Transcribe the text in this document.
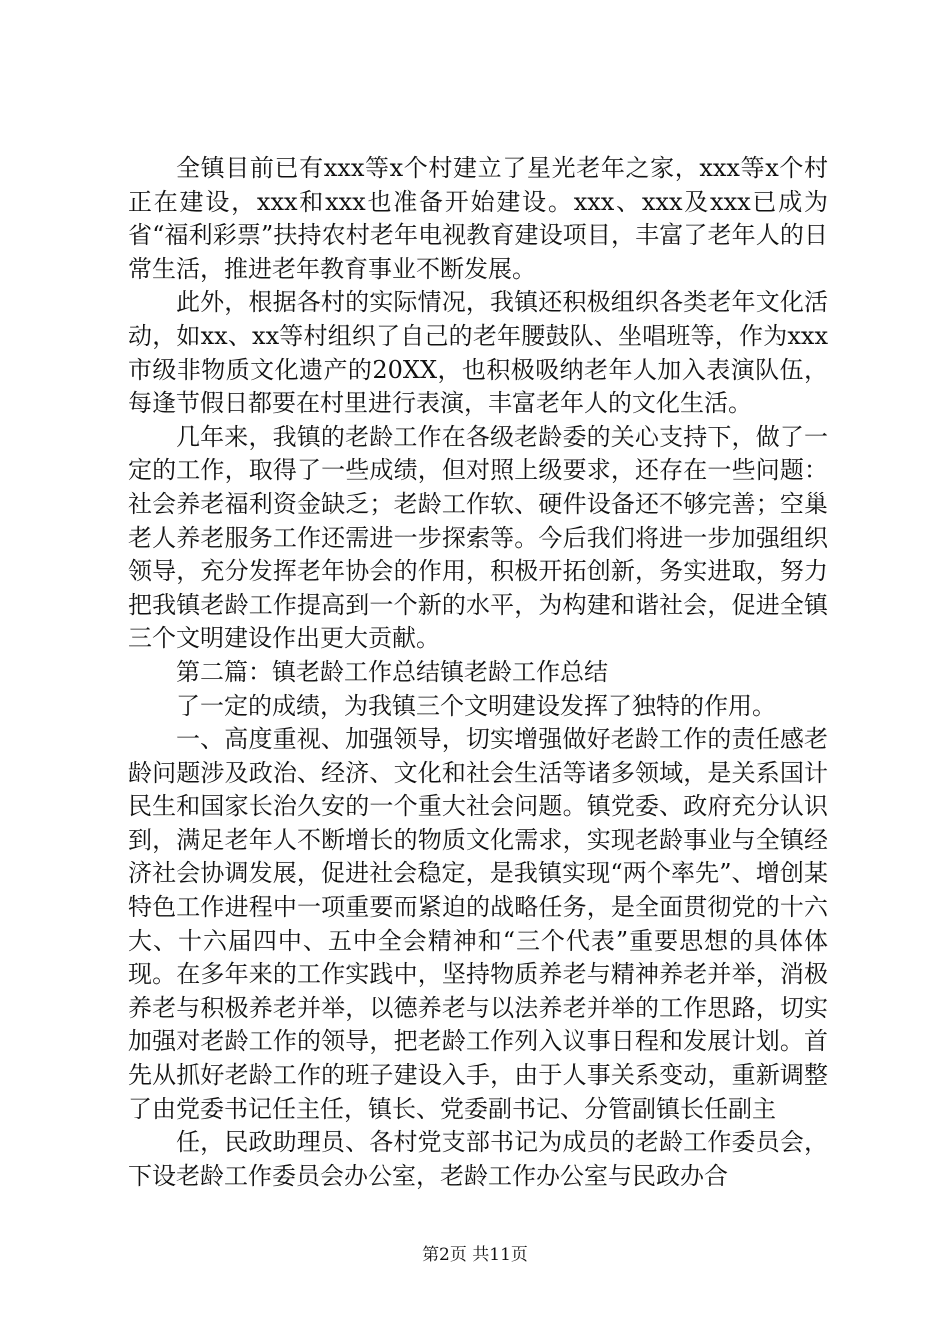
全镇目前已有xxx等x个村建立了星光老年之家，xxx等x个村正在建设，xxx和xxx也准备开始建设。xxx、xxx及xxx已成为省“福利彩票”扶持农村老年电视教育建设项目，丰富了老年人的日常生活，推进老年教育事业不断发展。

此外，根据各村的实际情况，我镇还积极组织各类老年文化活动，如xx、xx等村组织了自己的老年腰鼓队、坐唱班等，作为xxx市级非物质文化遗产的20XX，也积极吸纳老年人加入表演队伍，每逢节假日都要在村里进行表演，丰富老年人的文化生活。

几年来，我镇的老龄工作在各级老龄委的关心支持下，做了一定的工作，取得了一些成绩，但对照上级要求，还存在一些问题：社会养老福利资金缺乏；老龄工作软、硬件设备还不够完善；空巢老人养老服务工作还需进一步探索等。今后我们将进一步加强组织领导，充分发挥老年协会的作用，积极开拓创新，务实进取，努力把我镇老龄工作提高到一个新的水平，为构建和谐社会，促进全镇三个文明建设作出更大贡献。

第二篇：镇老龄工作总结镇老龄工作总结

了一定的成绩，为我镇三个文明建设发挥了独特的作用。

一、高度重视、加强领导，切实增强做好老龄工作的责任感老龄问题涉及政治、经济、文化和社会生活等诸多领域，是关系国计民生和国家长治久安的一个重大社会问题。镇党委、政府充分认识到，满足老年人不断增长的物质文化需求，实现老龄事业与全镇经济社会协调发展，促进社会稳定，是我镇实现“两个率先”、增创某特色工作进程中一项重要而紧迫的战略任务，是全面贯彻党的十六大、十六届四中、五中全会精神和“三个代表”重要思想的具体体现。在多年来的工作实践中，坚持物质养老与精神养老并举，消极养老与积极养老并举，以德养老与以法养老并举的工作思路，切实加强对老龄工作的领导，把老龄工作列入议事日程和发展计划。首先从抓好老龄工作的班子建设入手，由于人事关系变动，重新调整了由党委书记任主任，镇长、党委副书记、分管副镇长任副主

任，民政助理员、各村党支部书记为成员的老龄工作委员会，下设老龄工作委员会办公室，老龄工作办公室与民政办合

第2页 共11页
